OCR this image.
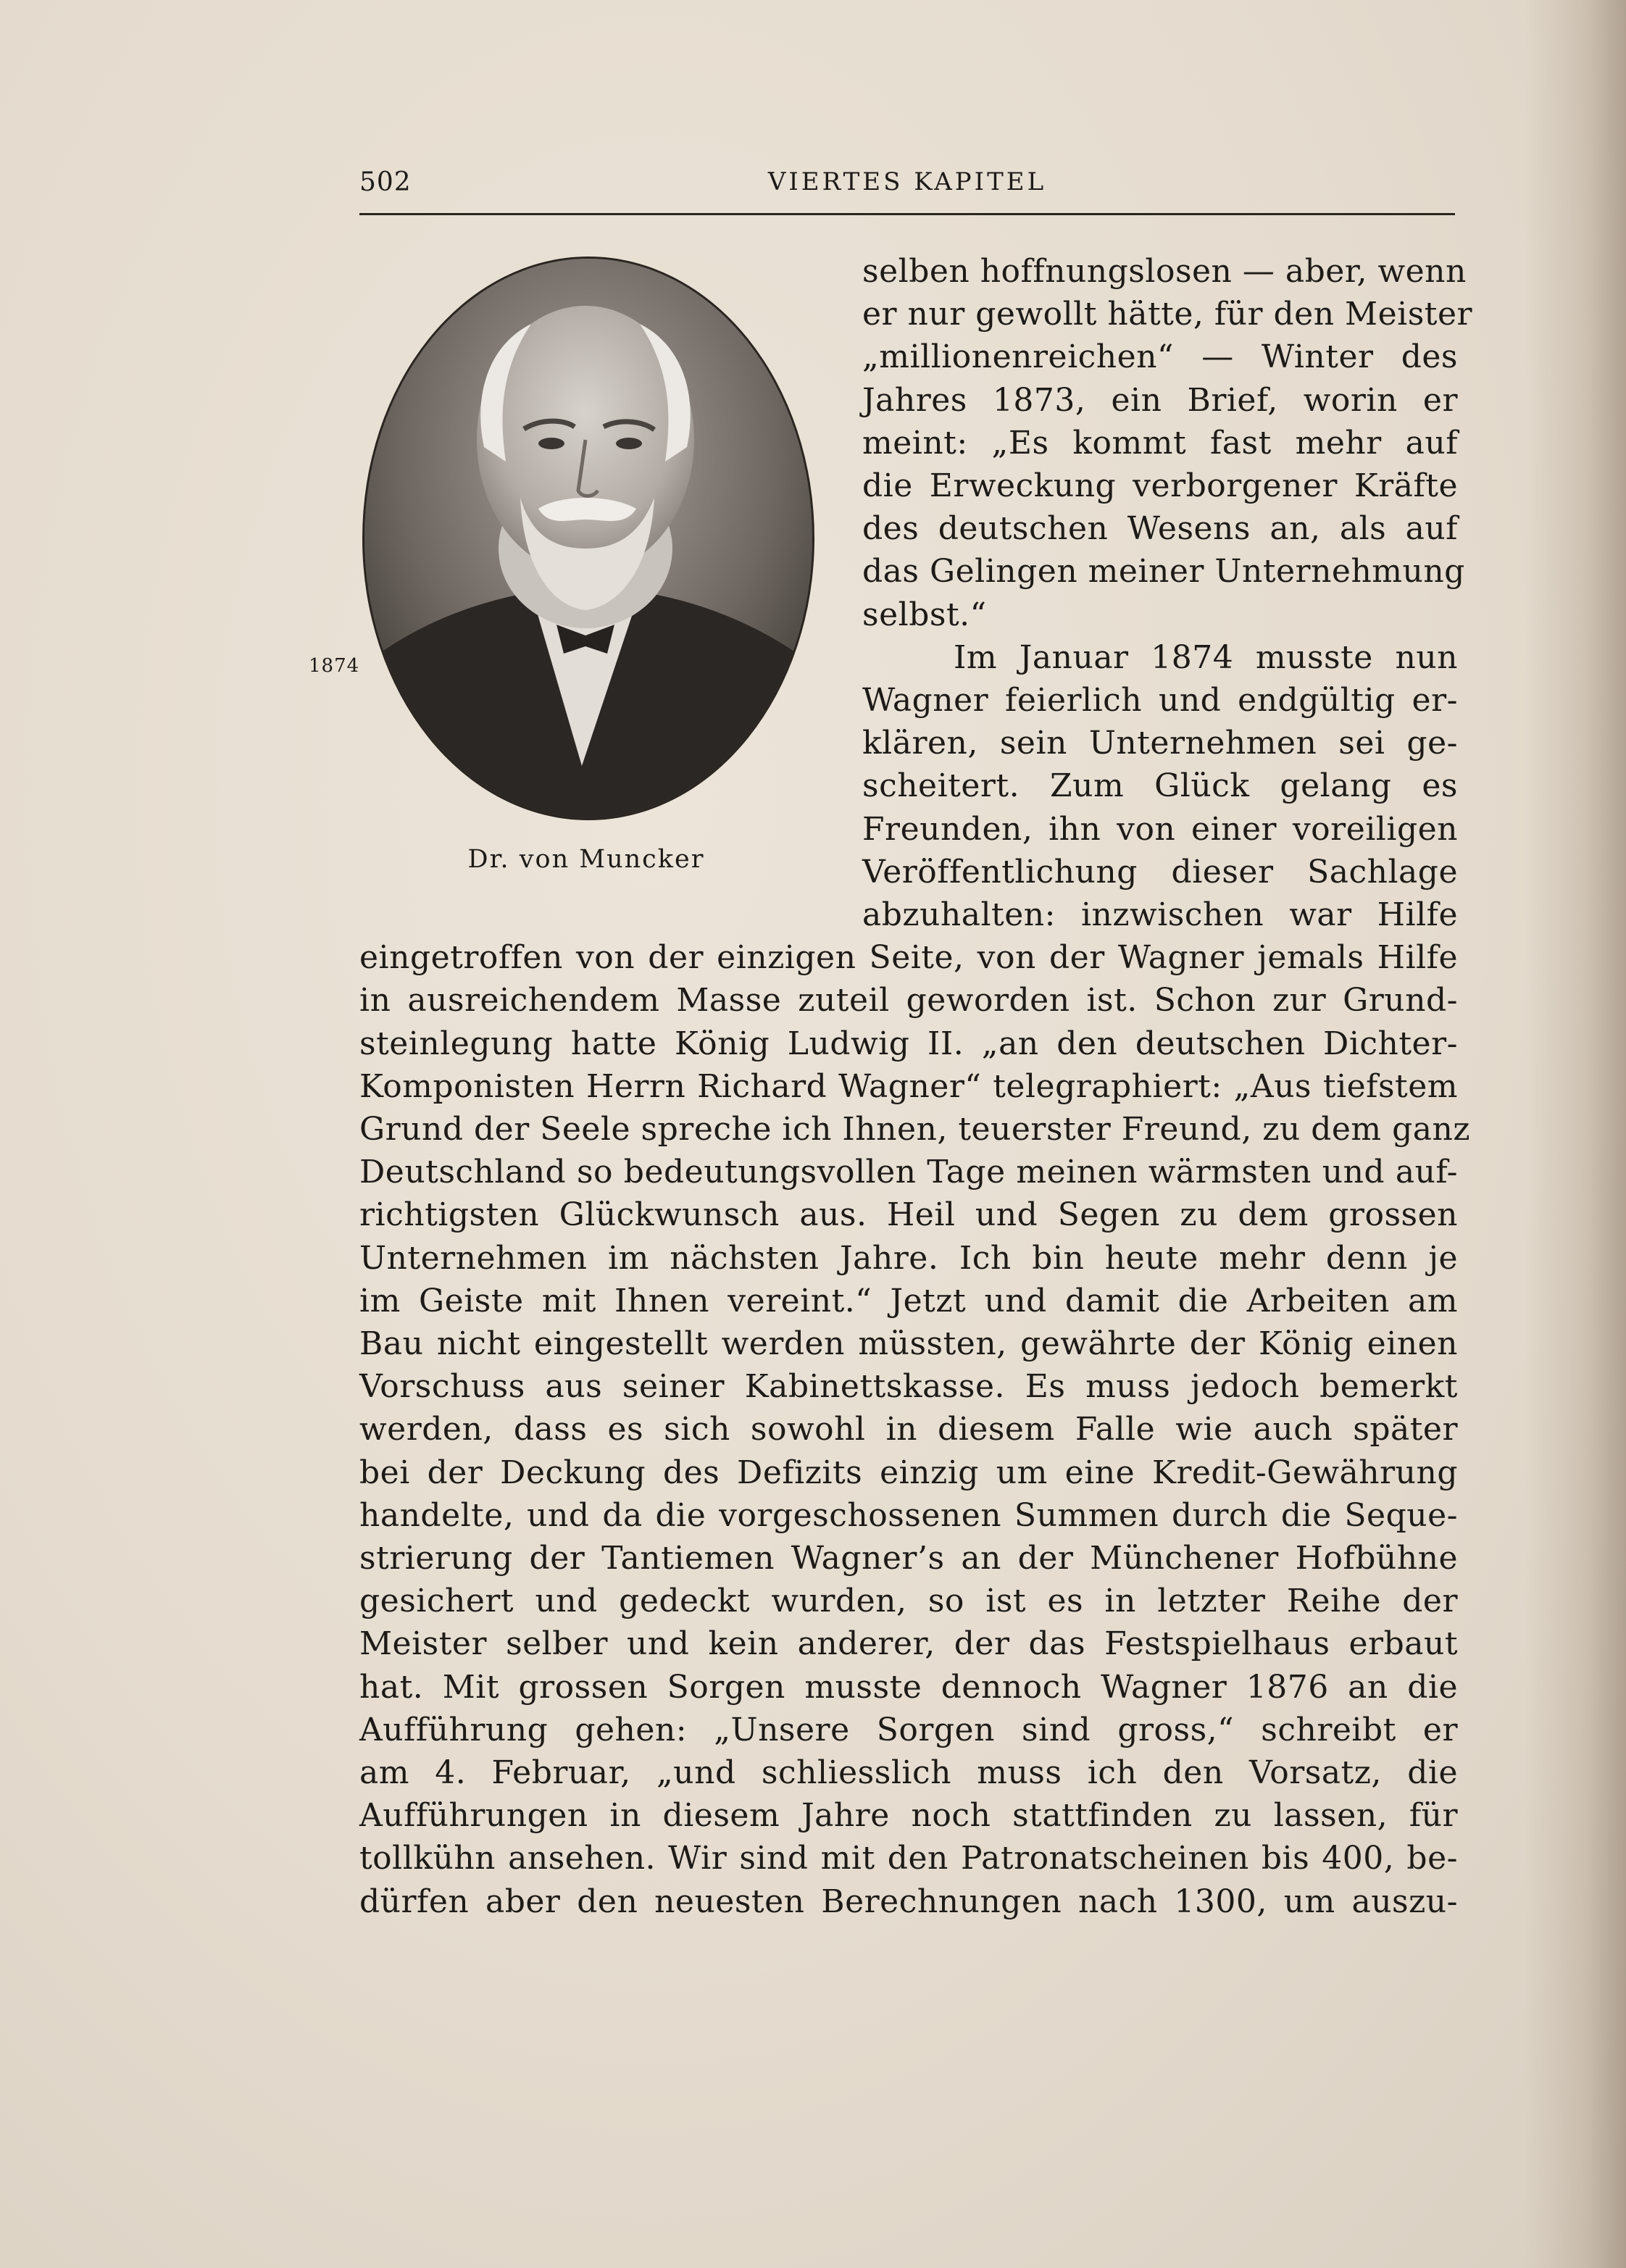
502	VIERTES KAPITEL
1874
Dr. von Muncker
selben hoffnungslosen — aber, wenn
er nur gewollt hätte, für den Meister
„millionenreichen“ — Winter des
Jahres 1873, ein Brief, worin er
meint: „Es kommt fast mehr auf
die Erweckung verborgener Kräfte
des deutschen Wesens an, als auf
das Gelingen meiner Unternehmung
selbst.“
Im Januar 1874 musste nun
Wagner feierlich und endgültig er-
klären, sein Unternehmen sei ge-
scheitert. Zum Glück gelang es
Freunden, ihn von einer voreiligen
Veröffentlichung dieser Sachlage
abzuhalten: inzwischen war Hilfe
eingetroffen von der einzigen Seite, von der Wagner jemals Hilfe
in ausreichendem Masse zuteil geworden ist. Schon zur Grund-
steinlegung hatte König Ludwig II. „an den deutschen Dichter-
Komponisten Herrn Richard Wagner“ telegraphiert: „Aus tiefstem
Grund der Seele spreche ich Ihnen, teuerster Freund, zu dem ganz
Deutschland so bedeutungsvollen Tage meinen wärmsten und auf-
richtigsten Glückwunsch aus. Heil und Segen zu dem grossen
Unternehmen im nächsten Jahre. Ich bin heute mehr denn je
im Geiste mit Ihnen vereint.“ Jetzt und damit die Arbeiten am
Bau nicht eingestellt werden müssten, gewährte der König einen
Vorschuss aus seiner Kabinettskasse. Es muss jedoch bemerkt
werden, dass es sich sowohl in diesem Falle wie auch später
bei der Deckung des Defizits einzig um eine Kredit-Gewährung
handelte, und da die vorgeschossenen Summen durch die Seque-
strierung der Tantiemen Wagner’s an der Münchener Hofbühne
gesichert und gedeckt wurden, so ist es in letzter Reihe der
Meister selber und kein anderer, der das Festspielhaus erbaut
hat. Mit grossen Sorgen musste dennoch Wagner 1876 an die
Aufführung gehen: „Unsere Sorgen sind gross,“ schreibt er
am 4. Februar, „und schliesslich muss ich den Vorsatz, die
Aufführungen in diesem Jahre noch stattfinden zu lassen, für
tollkühn ansehen. Wir sind mit den Patronatscheinen bis 400, be-
dürfen aber den neuesten Berechnungen nach 1300, um auszu-
